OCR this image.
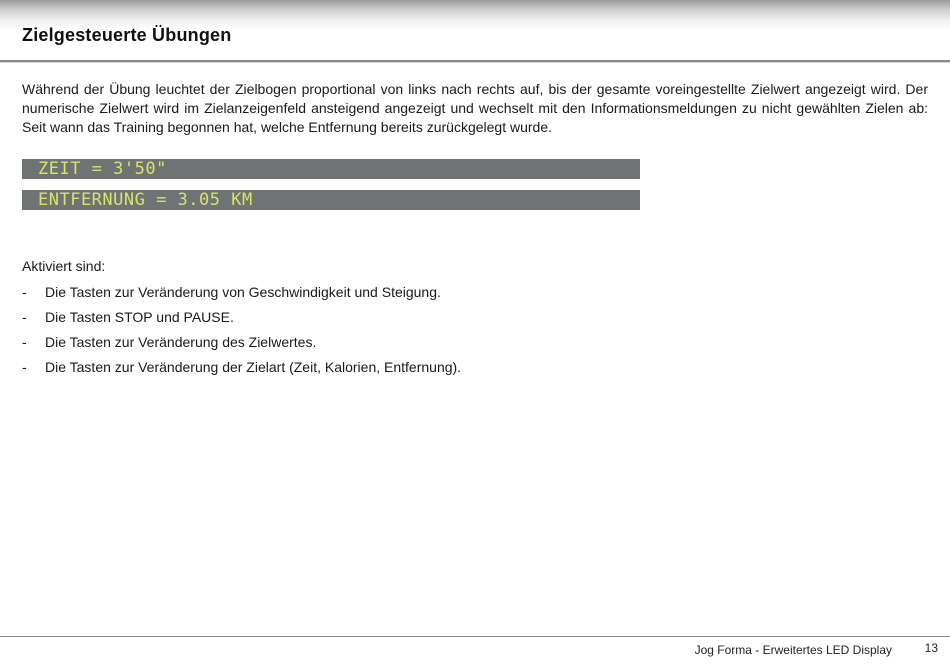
Zielgesteuerte Übungen

Während der Übung leuchtet der Zielbogen proportional von links nach rechts auf, bis der gesamte voreingestellte Zielwert angezeigt wird. Der numerische Zielwert wird im Zielanzeigenfeld ansteigend angezeigt und wechselt mit den Informationsmeldungen zu nicht gewählten Zielen ab: Seit wann das Training begonnen hat, welche Entfernung bereits zurückgelegt wurde.

ZEIT = 3'50"
ENTFERNUNG = 3.05 KM

Aktiviert sind:

- Die Tasten zur Veränderung von Geschwindigkeit und Steigung.
- Die Tasten STOP und PAUSE.
- Die Tasten zur Veränderung des Zielwertes.
- Die Tasten zur Veränderung der Zielart (Zeit, Kalorien, Entfernung).
Jog Forma - Erweitertes LED Display	13
